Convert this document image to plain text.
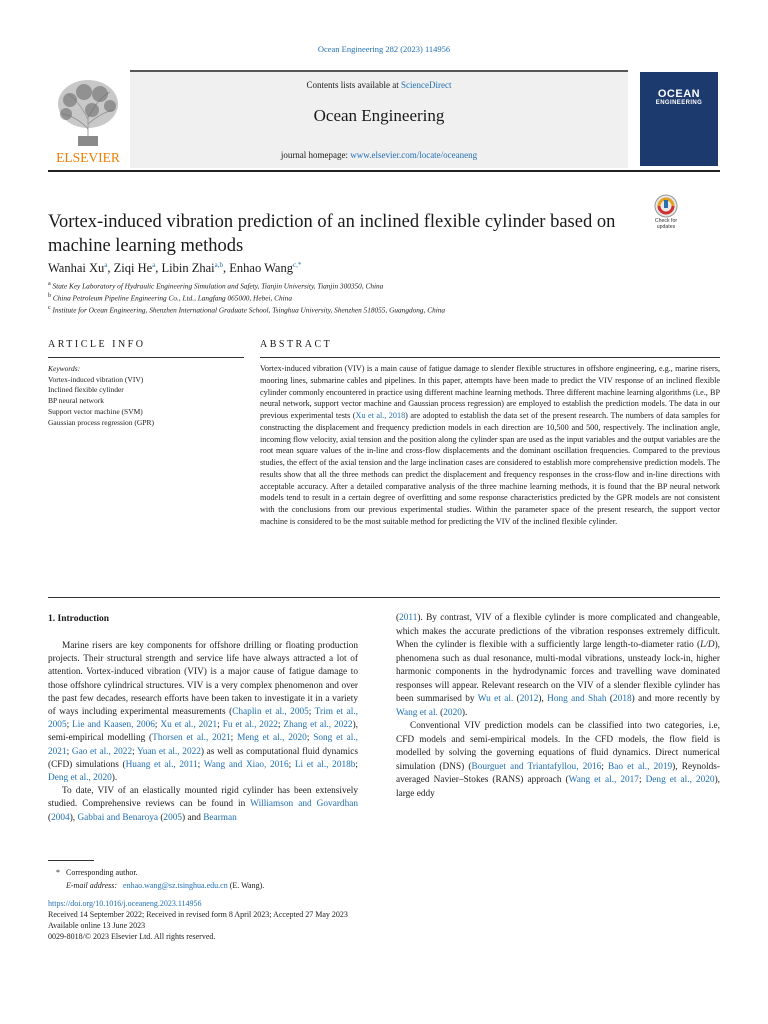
Ocean Engineering 282 (2023) 114956
ELSEVIER
Contents lists available at ScienceDirect
Ocean Engineering
journal homepage: www.elsevier.com/locate/oceaneng
OCEAN
ENGINEERING
Vortex-induced vibration prediction of an inclined flexible cylinder based on machine learning methods
Check for updates
Wanhai Xu$^a$, Ziqi He$^a$, Libin Zhai$^{a,b}$, Enhao Wang$^{c,*}$
$^a$ State Key Laboratory of Hydraulic Engineering Simulation and Safety, Tianjin University, Tianjin 300350, China
$^b$ China Petroleum Pipeline Engineering Co., Ltd., Langfang 065000, Hebei, China
$^c$ Institute for Ocean Engineering, Shenzhen International Graduate School, Tsinghua University, Shenzhen 518055, Guangdong, China
ARTICLE INFO	ABSTRACT
Keywords:
Vortex-induced vibration (VIV)
Inclined flexible cylinder
BP neural network
Support vector machine (SVM)
Gaussian process regression (GPR)
Vortex-induced vibration (VIV) is a main cause of fatigue damage to slender flexible structures in offshore engineering, e.g., marine risers, mooring lines, submarine cables and pipelines. In this paper, attempts have been made to predict the VIV response of an inclined flexible cylinder commonly encountered in practice using different machine learning methods. Three different machine learning algorithms (i.e., BP neural network, support vector machine and Gaussian process regression) are employed to establish the prediction models. The data in our previous experimental tests (Xu et al., 2018) are adopted to establish the data set of the present research. The numbers of data samples for constructing the displacement and frequency prediction models in each direction are 10,500 and 500, respectively. The inclination angle, incoming flow velocity, axial tension and the position along the cylinder span are used as the input variables and the output variables are the root mean square values of the in-line and cross-flow displacements and the dominant oscillation frequencies. Compared to the previous studies, the effect of the axial tension and the large inclination cases are considered to establish more comprehensive prediction models. The results show that all the three methods can predict the displacement and frequency responses in the cross-flow and in-line directions with acceptable accuracy. After a detailed comparative analysis of the three machine learning methods, it is found that the BP neural network models tend to result in a certain degree of overfitting and some response characteristics predicted by the GPR models are not consistent with the conclusions from our previous experimental studies. Within the parameter space of the present research, the support vector machine is considered to be the most suitable method for predicting the VIV of the inclined flexible cylinder.
1. Introduction

Marine risers are key components for offshore drilling or floating production projects. Their structural strength and service life have always attracted a lot of attention. Vortex-induced vibration (VIV) is a major cause of fatigue damage to those offshore cylindrical structures. VIV is a very complex phenomenon and over the past few decades, research efforts have been taken to investigate it in a variety of ways including experimental measurements (Chaplin et al., 2005; Trim et al., 2005; Lie and Kaasen, 2006; Xu et al., 2021; Fu et al., 2022; Zhang et al., 2022), semi-empirical modelling (Thorsen et al., 2021; Meng et al., 2020; Song et al., 2021; Gao et al., 2022; Yuan et al., 2022) as well as computational fluid dynamics (CFD) simulations (Huang et al., 2011; Wang and Xiao, 2016; Li et al., 2018b; Deng et al., 2020).

To date, VIV of an elastically mounted rigid cylinder has been extensively studied. Comprehensive reviews can be found in Williamson and Govardhan (2004), Gabbai and Benaroya (2005) and Bearman

(2011). By contrast, VIV of a flexible cylinder is more complicated and changeable, which makes the accurate predictions of the vibration responses extremely difficult. When the cylinder is flexible with a sufficiently large length-to-diameter ratio (L/D), phenomena such as dual resonance, multi-modal vibrations, unsteady lock-in, higher harmonic components in the hydrodynamic forces and travelling wave dominated responses will appear. Relevant research on the VIV of a slender flexible cylinder has been summarised by Wu et al. (2012), Hong and Shah (2018) and more recently by Wang et al. (2020).

Conventional VIV prediction models can be classified into two categories, i.e, CFD models and semi-empirical models. In the CFD models, the flow field is modelled by solving the governing equations of fluid dynamics. Direct numerical simulation (DNS) (Bourguet and Triantafyllou, 2016; Bao et al., 2019), Reynolds-averaged Navier–Stokes (RANS) approach (Wang et al., 2017; Deng et al., 2020), large eddy

* Corresponding author.
E-mail address: enhao.wang@sz.tsinghua.edu.cn (E. Wang).
https://doi.org/10.1016/j.oceaneng.2023.114956
Received 14 September 2022; Received in revised form 8 April 2023; Accepted 27 May 2023
Available online 13 June 2023
0029-8018/© 2023 Elsevier Ltd. All rights reserved.
